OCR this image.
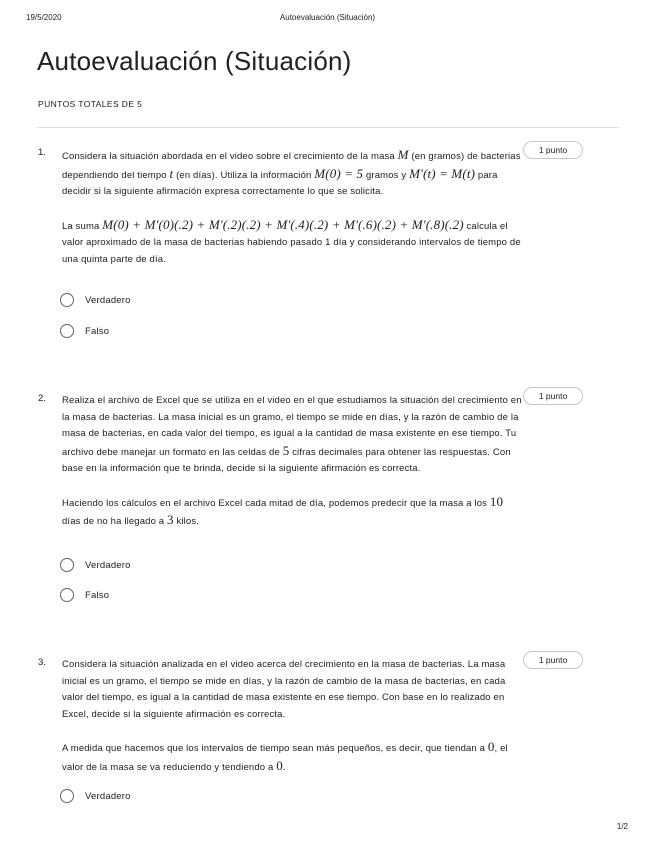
19/5/2020	Autoevaluación (Situación)
Autoevaluación (Situación)
PUNTOS TOTALES DE 5
1. Considera la situación abordada en el video sobre el crecimiento de la masa M (en gramos) de bacterias dependiendo del tiempo t (en días). Utiliza la información M(0) = 5 gramos y M'(t) = M(t) para decidir si la siguiente afirmación expresa correctamente lo que se solicita.

La suma M(0) + M'(0)(.2) + M'(.2)(.2) + M'(.4)(.2) + M'(.6)(.2) + M'(.8)(.2) calcula el valor aproximado de la masa de bacterias habiendo pasado 1 día y considerando intervalos de tiempo de una quinta parte de día.

1 punto
Verdadero
Falso
2. Realiza el archivo de Excel que se utiliza en el video en el que estudiamos la situación del crecimiento en la masa de bacterias. La masa inicial es un gramo, el tiempo se mide en días, y la razón de cambio de la masa de bacterias, en cada valor del tiempo, es igual a la cantidad de masa existente en ese tiempo. Tu archivo debe manejar un formato en las celdas de 5 cifras decimales para obtener las respuestas. Con base en la información que te brinda, decide si la siguiente afirmación es correcta.

Haciendo los cálculos en el archivo Excel cada mitad de día, podemos predecir que la masa a los 10 días de no ha llegado a 3 kilos.

1 punto
Verdadero
Falso
3. Considera la situación analizada en el video acerca del crecimiento en la masa de bacterias. La masa inicial es un gramo, el tiempo se mide en días, y la razón de cambio de la masa de bacterias, en cada valor del tiempo, es igual a la cantidad de masa existente en ese tiempo. Con base en lo realizado en Excel, decide si la siguiente afirmación es correcta.

A medida que hacemos que los intervalos de tiempo sean más pequeños, es decir, que tiendan a 0, el valor de la masa se va reduciendo y tendiendo a 0.

1 punto
Verdadero
1/2
